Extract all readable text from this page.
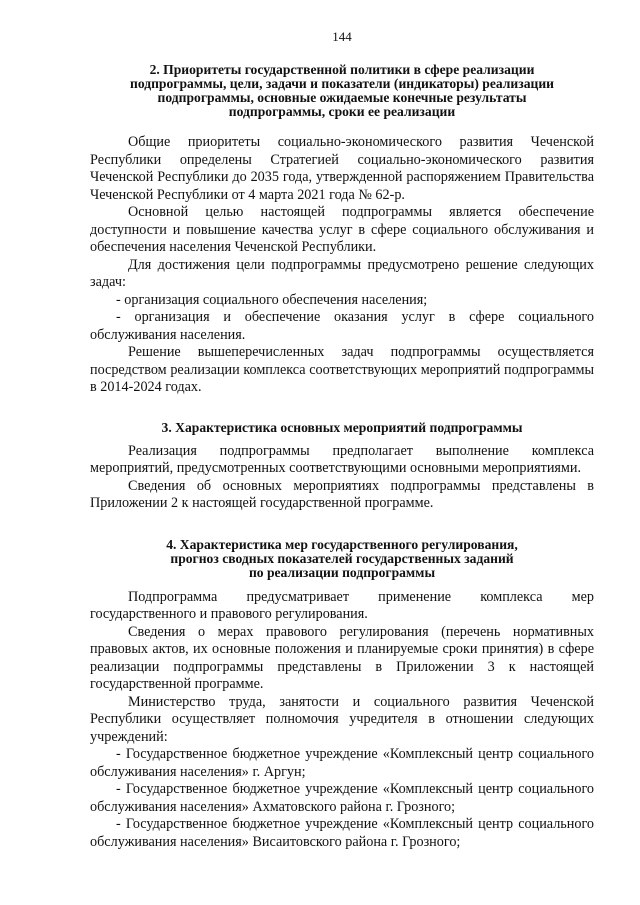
144
2. Приоритеты государственной политики в сфере реализации
подпрограммы, цели, задачи и показатели (индикаторы) реализации
подпрограммы, основные ожидаемые конечные результаты
подпрограммы, сроки ее реализации

Общие приоритеты социально-экономического развития Чеченской Республики определены Стратегией социально-экономического развития Чеченской Республики до 2035 года, утвержденной распоряжением Правительства Чеченской Республики от 4 марта 2021 года № 62-р.

Основной целью настоящей подпрограммы является обеспечение доступности и повышение качества услуг в сфере социального обслуживания и обеспечения населения Чеченской Республики.

Для достижения цели подпрограммы предусмотрено решение следующих задач:

- организация социального обеспечения населения;

- организация и обеспечение оказания услуг в сфере социального обслуживания населения.

Решение вышеперечисленных задач подпрограммы осуществляется посредством реализации комплекса соответствующих мероприятий подпрограммы в 2014-2024 годах.

3. Характеристика основных мероприятий подпрограммы

Реализация подпрограммы предполагает выполнение комплекса мероприятий, предусмотренных соответствующими основными мероприятиями.

Сведения об основных мероприятиях подпрограммы представлены в Приложении 2 к настоящей государственной программе.

4. Характеристика мер государственного регулирования,
прогноз сводных показателей государственных заданий
по реализации подпрограммы

Подпрограмма предусматривает применение комплекса мер государственного и правового регулирования.

Сведения о мерах правового регулирования (перечень нормативных правовых актов, их основные положения и планируемые сроки принятия) в сфере реализации подпрограммы представлены в Приложении 3 к настоящей государственной программе.

Министерство труда, занятости и социального развития Чеченской Республики осуществляет полномочия учредителя в отношении следующих учреждений:

- Государственное бюджетное учреждение «Комплексный центр социального обслуживания населения» г. Аргун;

- Государственное бюджетное учреждение «Комплексный центр социального обслуживания населения» Ахматовского района г. Грозного;

- Государственное бюджетное учреждение «Комплексный центр социального обслуживания населения» Висаитовского района г. Грозного;
